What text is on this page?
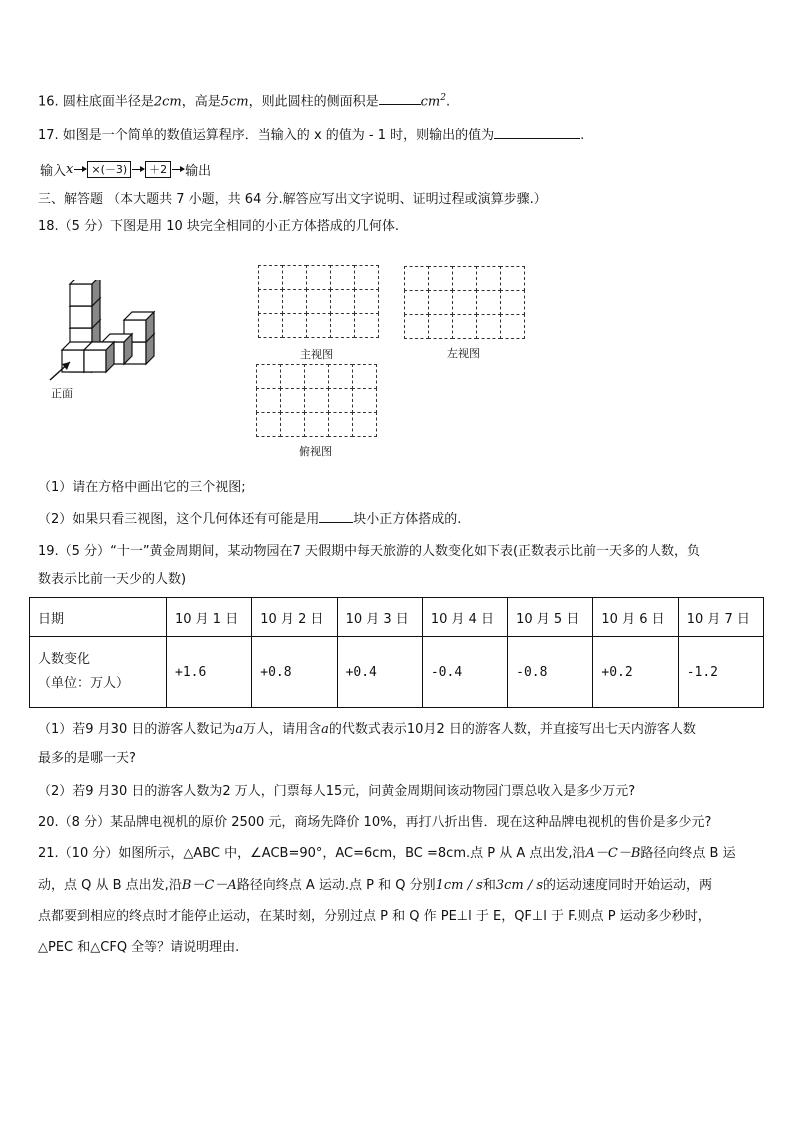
16. 圆柱底面半径是2cm，高是5cm，则此圆柱的侧面积是	$cm^2$.
17. 如图是一个简单的数值运算程序．当输入的 x 的值为 - 1 时，则输出的值为	.
输入 x	×(－3)	＋2	输出
三、解答题 （本大题共 7 小题，共 64 分.解答应写出文字说明、证明过程或演算步骤.）
18.（5 分）下图是用 10 块完全相同的小正方体搭成的几何体.
正面
主视图	左视图
俯视图
（1）请在方格中画出它的三个视图;
（2）如果只看三视图，这个几何体还有可能是用	块小正方体搭成的.
19.（5 分）“十一”黄金周期间，某动物园在7 天假期中每天旅游的人数变化如下表(正数表示比前一天多的人数，负
数表示比前一天少的人数)
日期	10 月 1 日	10 月 2 日	10 月 3 日	10 月 4 日	10 月 5 日	10 月 6 日	10 月 7 日

人数变化
（单位：万人）	+1.6	+0.8	+0.4	-0.4	-0.8	+0.2	-1.2
（1）若9 月30 日的游客人数记为a万人，请用含a的代数式表示10月2 日的游客人数，并直接写出七天内游客人数
最多的是哪一天?
（2）若9 月30 日的游客人数为2 万人，门票每人15元，问黄金周期间该动物园门票总收入是多少万元?
20.（8 分）某品牌电视机的原价 2500 元，商场先降价 10%，再打八折出售．现在这种品牌电视机的售价是多少元?
21.（10 分）如图所示，△ABC 中，∠ACB=90°，AC=6cm，BC =8cm.点 P 从 A 点出发,沿A－C－B路径向终点 B 运
动，点 Q 从 B 点出发,沿B－C－A路径向终点 A 运动.点 P 和 Q 分别1cm / s和3cm / s的运动速度同时开始运动，两
点都要到相应的终点时才能停止运动，在某时刻，分别过点 P 和 Q 作 PE⊥l 于 E，QF⊥l 于 F.则点 P 运动多少秒时，
△PEC 和△CFQ 全等？请说明理由.
